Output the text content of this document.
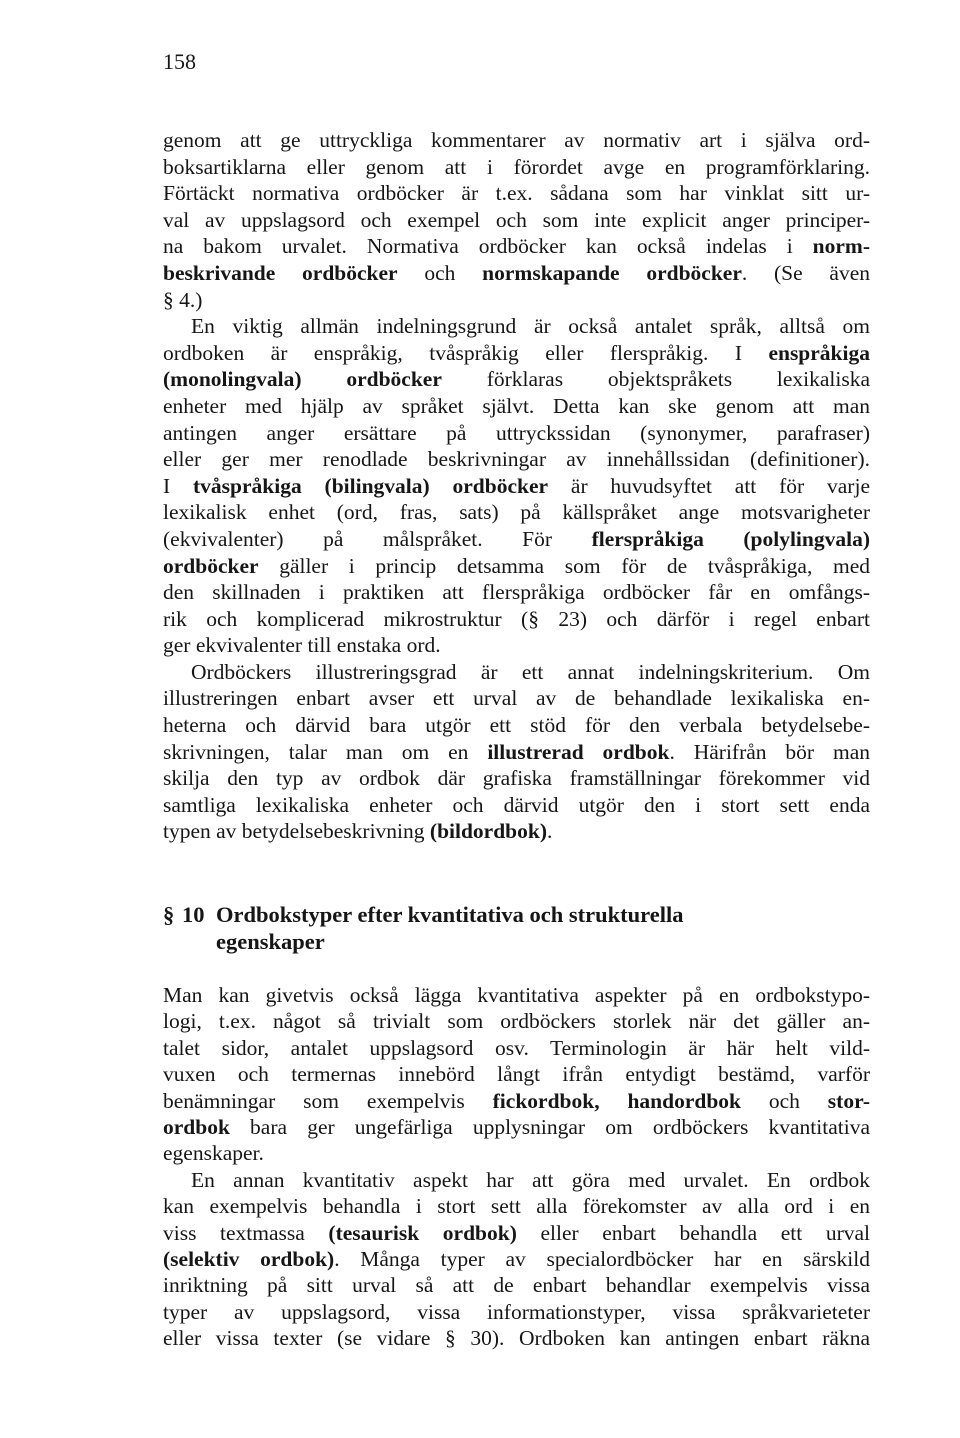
158
genom att ge uttryckliga kommentarer av normativ art i själva ord-
boksartiklarna eller genom att i förordet avge en programförklaring.
Förtäckt normativa ordböcker är t.ex. sådana som har vinklat sitt ur-
val av uppslagsord och exempel och som inte explicit anger principer-
na bakom urvalet. Normativa ordböcker kan också indelas i norm-
beskrivande ordböcker och normskapande ordböcker. (Se även
§ 4.)
En viktig allmän indelningsgrund är också antalet språk, alltså om
ordboken är enspråkig, tvåspråkig eller flerspråkig. I enspråkiga
(monolingvala) ordböcker förklaras objektspråkets lexikaliska
enheter med hjälp av språket självt. Detta kan ske genom att man
antingen anger ersättare på uttryckssidan (synonymer, parafraser)
eller ger mer renodlade beskrivningar av innehållssidan (definitioner).
I tvåspråkiga (bilingvala) ordböcker är huvudsyftet att för varje
lexikalisk enhet (ord, fras, sats) på källspråket ange motsvarigheter
(ekvivalenter) på målspråket. För flerspråkiga (polylingvala)
ordböcker gäller i princip detsamma som för de tvåspråkiga, med
den skillnaden i praktiken att flerspråkiga ordböcker får en omfångs-
rik och komplicerad mikrostruktur (§ 23) och därför i regel enbart
ger ekvivalenter till enstaka ord.
Ordböckers illustreringsgrad är ett annat indelningskriterium. Om
illustreringen enbart avser ett urval av de behandlade lexikaliska en-
heterna och därvid bara utgör ett stöd för den verbala betydelsebe-
skrivningen, talar man om en illustrerad ordbok. Härifrån bör man
skilja den typ av ordbok där grafiska framställningar förekommer vid
samtliga lexikaliska enheter och därvid utgör den i stort sett enda
typen av betydelsebeskrivning (bildordbok).
§ 10 Ordbokstyper efter kvantitativa och strukturella
egenskaper
Man kan givetvis också lägga kvantitativa aspekter på en ordbokstypo-
logi, t.ex. något så trivialt som ordböckers storlek när det gäller an-
talet sidor, antalet uppslagsord osv. Terminologin är här helt vild-
vuxen och termernas innebörd långt ifrån entydigt bestämd, varför
benämningar som exempelvis fickordbok, handordbok och stor-
ordbok bara ger ungefärliga upplysningar om ordböckers kvantitativa
egenskaper.
En annan kvantitativ aspekt har att göra med urvalet. En ordbok
kan exempelvis behandla i stort sett alla förekomster av alla ord i en
viss textmassa (tesaurisk ordbok) eller enbart behandla ett urval
(selektiv ordbok). Många typer av specialordböcker har en särskild
inriktning på sitt urval så att de enbart behandlar exempelvis vissa
typer av uppslagsord, vissa informationstyper, vissa språkvarieteter
eller vissa texter (se vidare § 30). Ordboken kan antingen enbart räkna
